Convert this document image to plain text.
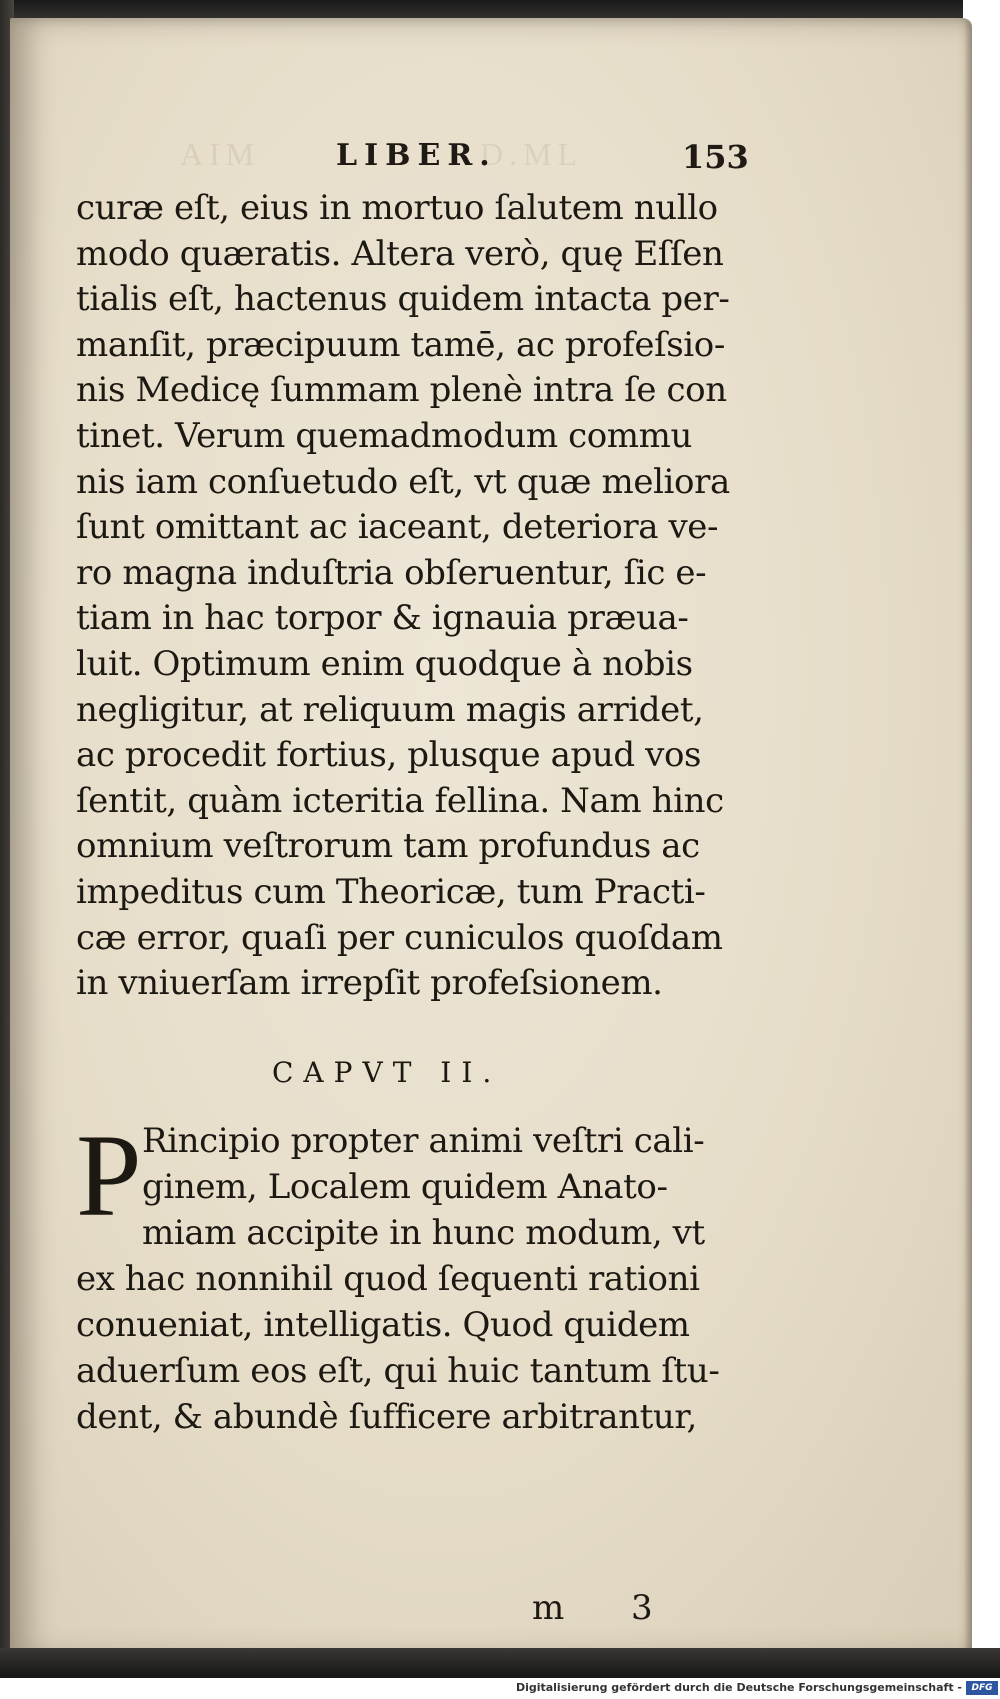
AIM	D.ML
LIBER.	153
curæ eſt, eius in mortuo ſalutem nullo
modo quæratis. Altera verò, quę Eſſen
tialis eſt, hactenus quidem intacta per-
manſit, præcipuum tamē, ac profeſsio-
nis Medicę ſummam plenè intra ſe con
tinet. Verum quemadmodum commu
nis iam conſuetudo eſt, vt quæ meliora
ſunt omittant ac iaceant, deteriora ve-
ro magna induſtria obſeruentur, ſic e-
tiam in hac torpor & ignauia præua-
luit. Optimum enim quodque à nobis
negligitur, at reliquum magis arridet,
ac procedit fortius, plusque apud vos
ſentit, quàm icteritia fellina. Nam hinc
omnium veſtrorum tam profundus ac
impeditus cum Theoricæ, tum Practi-
cæ error, quaſi per cuniculos quoſdam
in vniuerſam irrepſit profeſsionem.
CAPVT II.
P Rincipio propter animi veſtri cali-
ginem, Localem quidem Anato-
miam accipite in hunc modum, vt
ex hac nonnihil quod ſequenti rationi
conueniat, intelligatis. Quod quidem
aduerſum eos eſt, qui huic tantum ſtu-
dent, & abundè ſufficere arbitrantur,
m 3
Digitalisierung gefördert durch die Deutsche Forschungsgemeinschaft -	DFG
